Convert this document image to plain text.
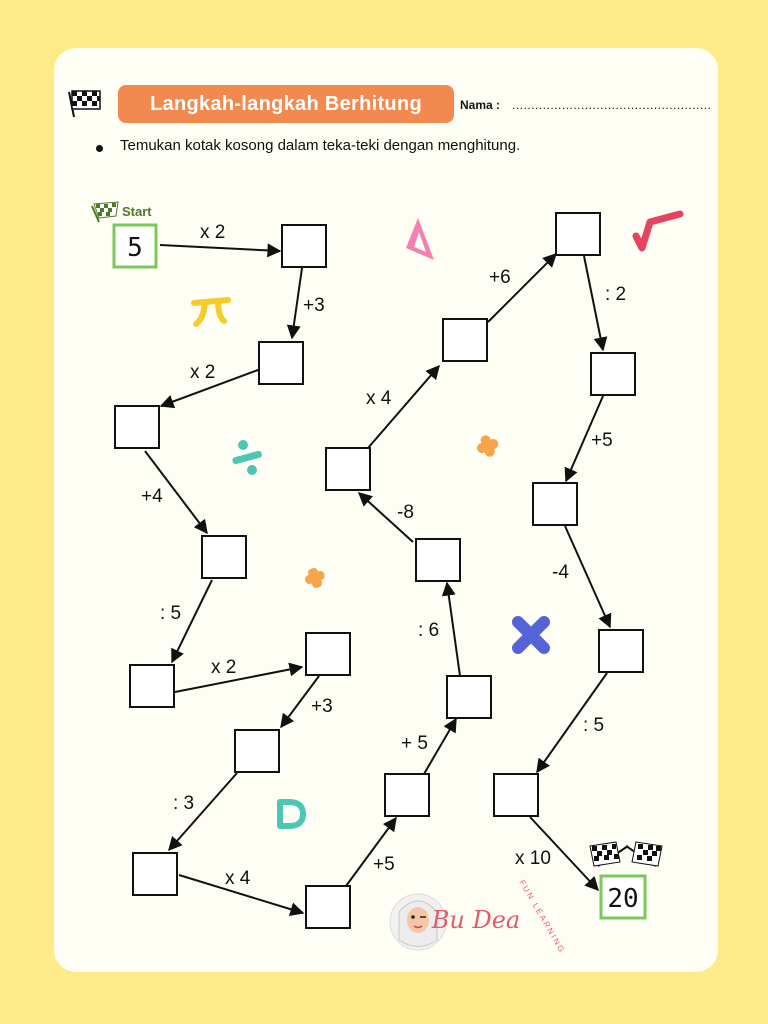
Langkah-langkah Berhitung	Nama : ....................................................
Temukan kotak kosong dalam teka-teki dengan menghitung.
Start
5
x 2
+3
x 2
+4
: 5
x 2
+3
: 3
x 4
+5
+ 5
: 6
-8
x 4
+6
: 2
+5
-4
: 5
x 10
20
Bu Dea
FUN LEARNING
